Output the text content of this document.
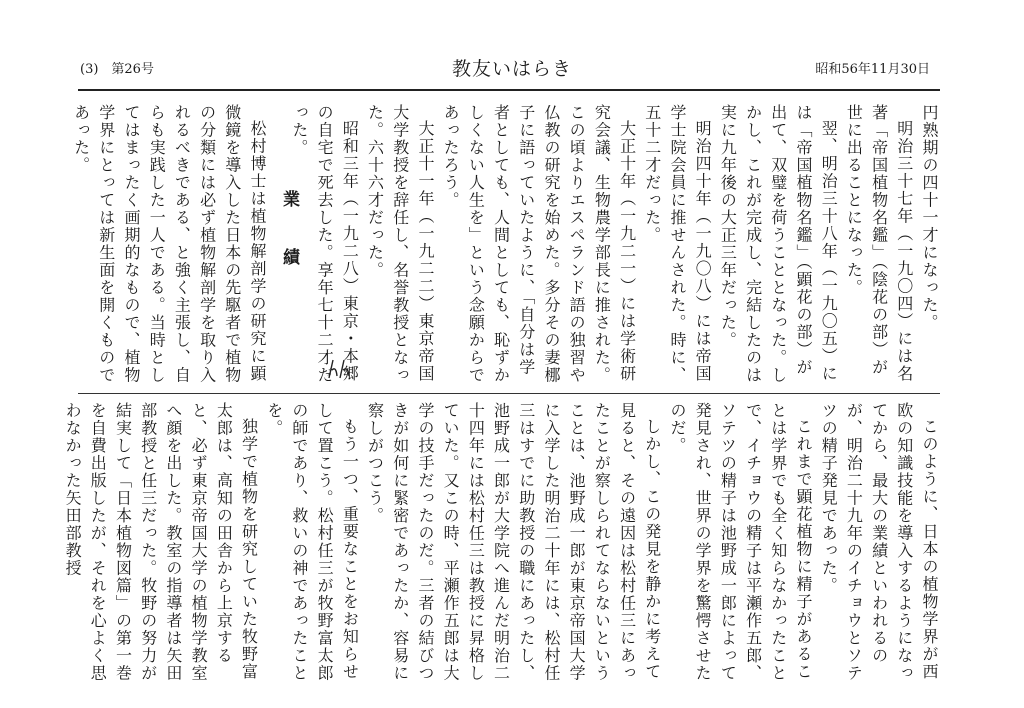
(3)　第26号	教友いはらき	昭和56年11月30日

円熟期の四十一才になった。

明治三十七年（一九〇四）には名著「帝国植物名鑑」（陰花の部）が世に出ることになった。

翌、明治三十八年（一九〇五）には「帝国植物名鑑」（顕花の部）が出て、双璧を荷うこととなった。しかし、これが完成し、完結したのは実に九年後の大正三年だった。

明治四十年（一九〇八）には帝国学士院会員に推せんされた。時に、五十二才だった。

大正十年（一九二一）には学術研究会議、生物農学部長に推された。この頃よりエスペランド語の独習や仏教の研究を始めた。多分その妻梛子に語っていたように、「自分は学者としても、人間としても、恥ずかしくない人生を」という念願からであったろう。

大正十一年（一九二二）東京帝国大学教授を辞任し、名誉教授となった。六十六才だった。

昭和三年（一九二八）東京・本郷の自宅で死去した。享年七十二才だった。

業　績

松村博士は植物解剖学の研究に顕微鏡を導入した日本の先駆者で植物の分類には必ず植物解剖学を取り入れるべきである、と強く主張し、自らも実践した一人である。当時としてはまったく画期的なもので、植物学界にとっては新生面を開くものであった。

このように、日本の植物学界が西欧の知識技能を導入するようになってから、最大の業績といわれるのが、明治二十九年のイチョウとソテツの精子発見であった。

これまで顕花植物に精子があることは学界でも全く知らなかったことで、イチョウの精子は平瀬作五郎、ソテツの精子は池野成一郎によって発見され、世界の学界を驚愕させたのだ。

しかし、この発見を静かに考えて見ると、その遠因は松村任三にあったことが察しられてならないということは、池野成一郎が東京帝国大学に入学した明治二十年には、松村任三はすでに助教授の職にあったし、池野成一郎が大学院へ進んだ明治二十四年には松村任三は教授に昇格していた。又この時、平瀬作五郎は大学の技手だったのだ。三者の結びつきが如何に緊密であったか、容易に察しがつこう。

もう一つ、重要なことをお知らせして置こう。松村任三が牧野富太郎の師であり、救いの神であったことを。

独学で植物を研究していた牧野富太郎は、高知の田舎から上京すると、必ず東京帝国大学の植物学教室へ顔を出した。教室の指導者は矢田部教授と任三だった。牧野の努力が結実して「日本植物図篇」の第一巻を自費出版したが、それを心よく思わなかった矢田部教授
